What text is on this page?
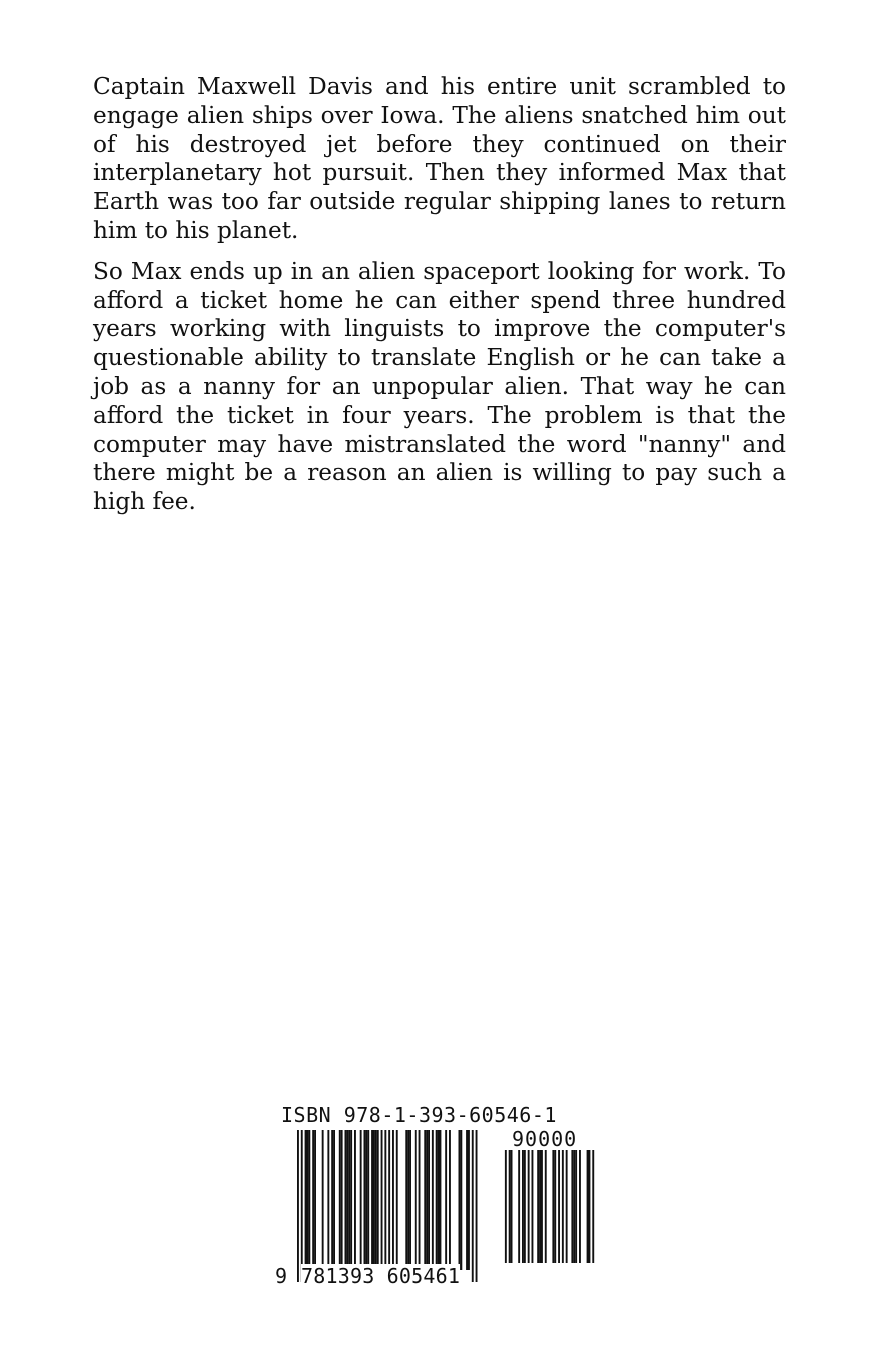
Captain Maxwell Davis and his entire unit scrambled to engage alien ships over Iowa. The aliens snatched him out of his destroyed jet before they continued on their interplanetary hot pursuit. Then they informed Max that Earth was too far outside regular shipping lanes to return him to his planet.

So Max ends up in an alien spaceport looking for work. To afford a ticket home he can either spend three hundred years working with linguists to improve the computer's questionable ability to translate English or he can take a job as a nanny for an unpopular alien. That way he can afford the ticket in four years. The problem is that the computer may have mistranslated the word "nanny" and there might be a reason an alien is willing to pay such a high fee.

ISBN 978-1-393-60546-1
90000
9 781393 605461
